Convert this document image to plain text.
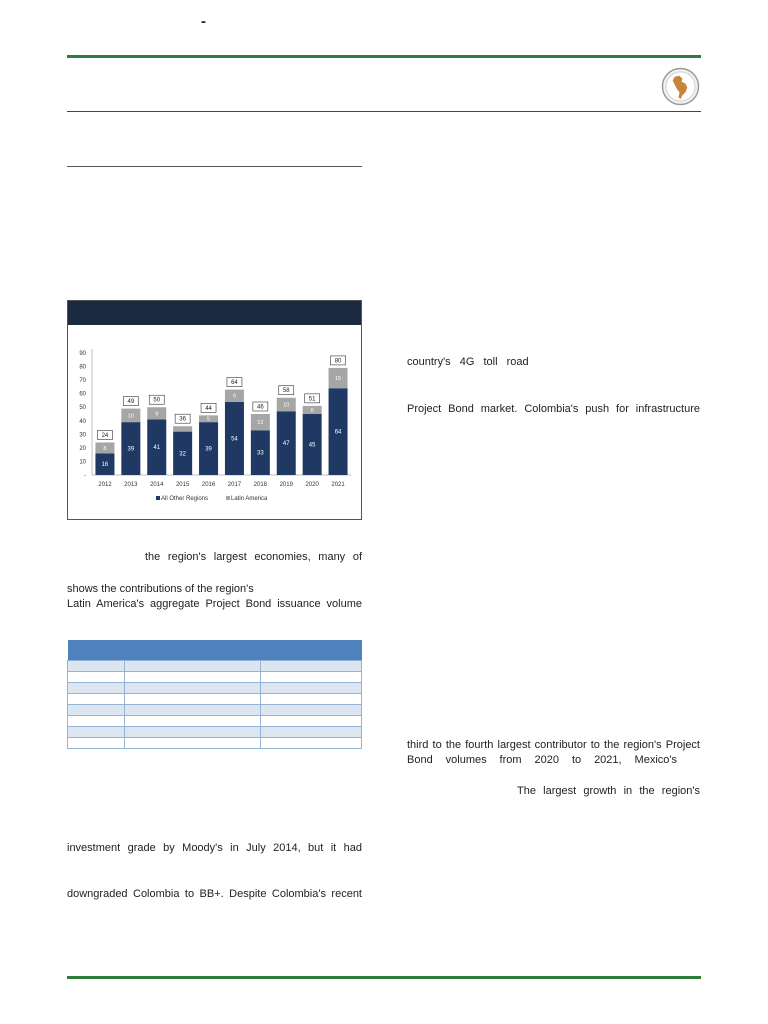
-
-
10
20
30
40
50
60
70
80
90
16
8
24
2012
39
10
49
2013
41
9
50
2014
32
36
2015
39
5
44
2016
54
9
64
2017
33
12
46
2018
47
10
58
2019
45
6
51
2020
64
15
80
2021
All Other Regions	Latin America
the region's largest economies, many of
shows the contributions of the region's
Latin America's aggregate Project Bond issuance volume

investment grade by Moody's in July 2014, but it had
downgraded Colombia to BB+. Despite Colombia's recent
country's 4G toll road
Project Bond market. Colombia's push for infrastructure
third to the fourth largest contributor to the region's Project
Bond volumes from 2020 to 2021, Mexico's
The largest growth in the region's
